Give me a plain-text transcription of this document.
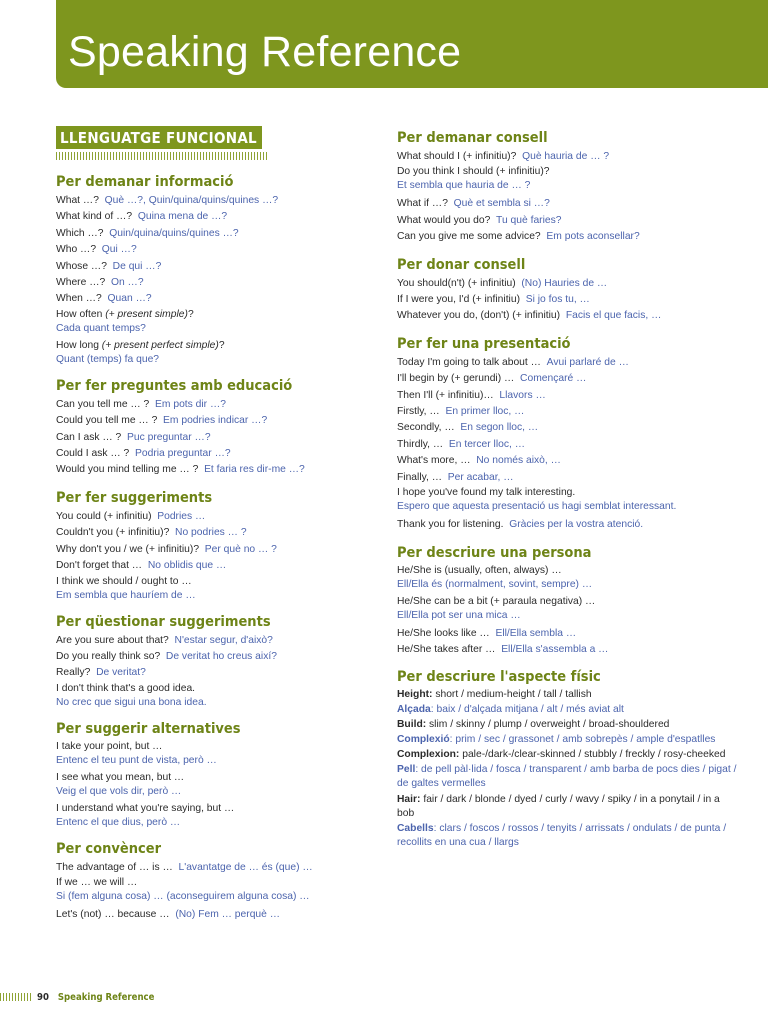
Speaking Reference
LLENGUATGE FUNCIONAL
Per demanar informació
What …? Què …?, Quin/quina/quins/quines …?
What kind of …? Quina mena de …?
Which …? Quin/quina/quins/quines …?
Who …? Qui …?
Whose …? De qui …?
Where …? On …?
When …? Quan …?
How often (+ present simple)?
Cada quant temps?
How long (+ present perfect simple)?
Quant (temps) fa que?
Per fer preguntes amb educació
Can you tell me … ? Em pots dir …?
Could you tell me … ? Em podries indicar …?
Can I ask … ? Puc preguntar …?
Could I ask … ? Podria preguntar …?
Would you mind telling me … ? Et faria res dir-me …?
Per fer suggeriments
You could (+ infinitiu) Podries …
Couldn't you (+ infinitiu)? No podries … ?
Why don't you / we (+ infinitiu)? Per què no … ?
Don't forget that … No oblidis que …
I think we should / ought to …
Em sembla que hauríem de …
Per qüestionar suggeriments
Are you sure about that? N'estar segur, d'això?
Do you really think so? De veritat ho creus així?
Really? De veritat?
I don't think that's a good idea.
No crec que sigui una bona idea.
Per suggerir alternatives
I take your point, but …
Entenc el teu punt de vista, però …
I see what you mean, but …
Veig el que vols dir, però …
I understand what you're saying, but …
Entenc el que dius, però …
Per convèncer
The advantage of … is … L'avantatge de … és (que) …
If we … we will …
Si (fem alguna cosa) … (aconseguirem alguna cosa) …
Let's (not) … because … (No) Fem … perquè …
Per demanar consell
What should I (+ infinitiu)? Què hauria de … ?
Do you think I should (+ infinitiu)?
Et sembla que hauria de … ?
What if …? Què et sembla si …?
What would you do? Tu què faries?
Can you give me some advice? Em pots aconsellar?
Per donar consell
You should(n't) (+ infinitiu) (No) Hauries de …
If I were you, I'd (+ infinitiu) Si jo fos tu, …
Whatever you do, (don't) (+ infinitiu) Facis el que facis, …
Per fer una presentació
Today I'm going to talk about … Avui parlaré de …
I'll begin by (+ gerundi) … Començaré …
Then I'll (+ infinitiu)… Llavors …
Firstly, … En primer lloc, …
Secondly, … En segon lloc, …
Thirdly, … En tercer lloc, …
What's more, … No només això, …
Finally, … Per acabar, …
I hope you've found my talk interesting.
Espero que aquesta presentació us hagi semblat interessant.
Thank you for listening. Gràcies per la vostra atenció.
Per descriure una persona
He/She is (usually, often, always) …
Ell/Ella és (normalment, sovint, sempre) …
He/She can be a bit (+ paraula negativa) …
Ell/Ella pot ser una mica …
He/She looks like … Ell/Ella sembla …
He/She takes after … Ell/Ella s'assembla a …
Per descriure l'aspecte físic
Height: short / medium-height / tall / tallish
Alçada: baix / d'alçada mitjana / alt / més aviat alt
Build: slim / skinny / plump / overweight / broad-shouldered
Complexió: prim / sec / grassonet / amb sobrepès / ample d'espatlles
Complexion: pale-/dark-/clear-skinned / stubbly / freckly / rosy-cheeked
Pell: de pell pàl·lida / fosca / transparent / amb barba de pocs dies / pigat / de galtes vermelles
Hair: fair / dark / blonde / dyed / curly / wavy / spiky / in a ponytail / in a bob
Cabells: clars / foscos / rossos / tenyits / arrissats / ondulats / de punta / recollits en una cua / llargs
90 Speaking Reference
